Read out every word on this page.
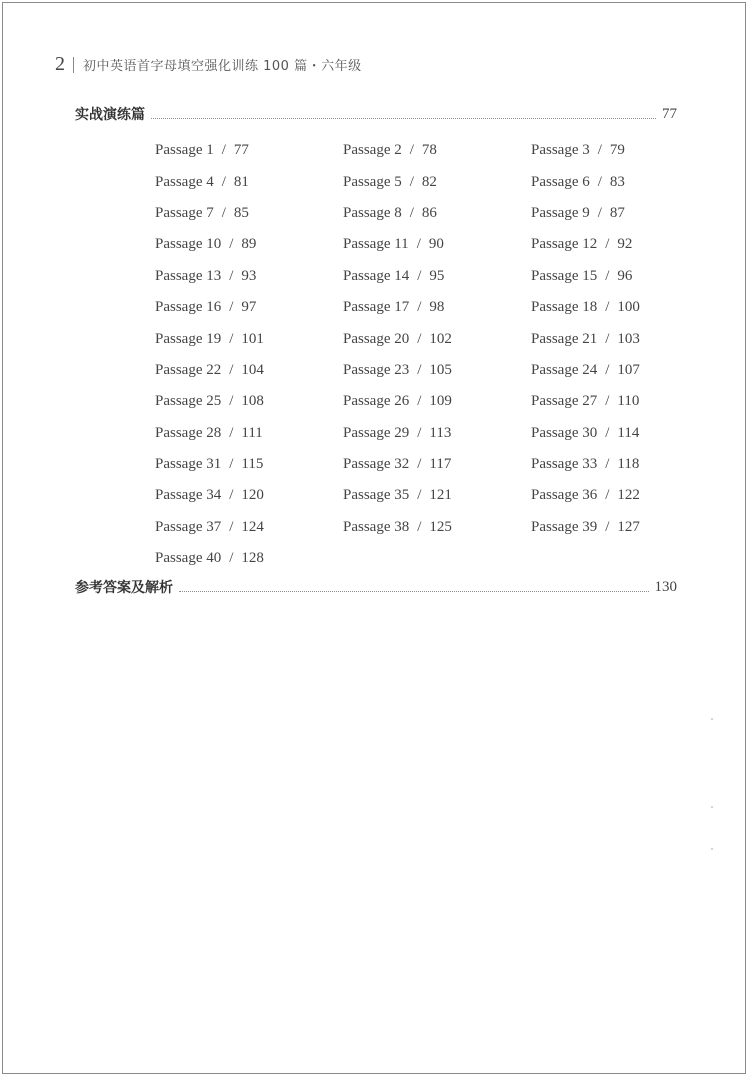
2 初中英语首字母填空强化训练 100 篇・六年级
实战演练篇	77
Passage 1 / 77	Passage 2 / 78	Passage 3 / 79
Passage 4 / 81	Passage 5 / 82	Passage 6 / 83
Passage 7 / 85	Passage 8 / 86	Passage 9 / 87
Passage 10 / 89	Passage 11 / 90	Passage 12 / 92
Passage 13 / 93	Passage 14 / 95	Passage 15 / 96
Passage 16 / 97	Passage 17 / 98	Passage 18 / 100
Passage 19 / 101	Passage 20 / 102	Passage 21 / 103
Passage 22 / 104	Passage 23 / 105	Passage 24 / 107
Passage 25 / 108	Passage 26 / 109	Passage 27 / 110
Passage 28 / 111	Passage 29 / 113	Passage 30 / 114
Passage 31 / 115	Passage 32 / 117	Passage 33 / 118
Passage 34 / 120	Passage 35 / 121	Passage 36 / 122
Passage 37 / 124	Passage 38 / 125	Passage 39 / 127
Passage 40 / 128
参考答案及解析	130
